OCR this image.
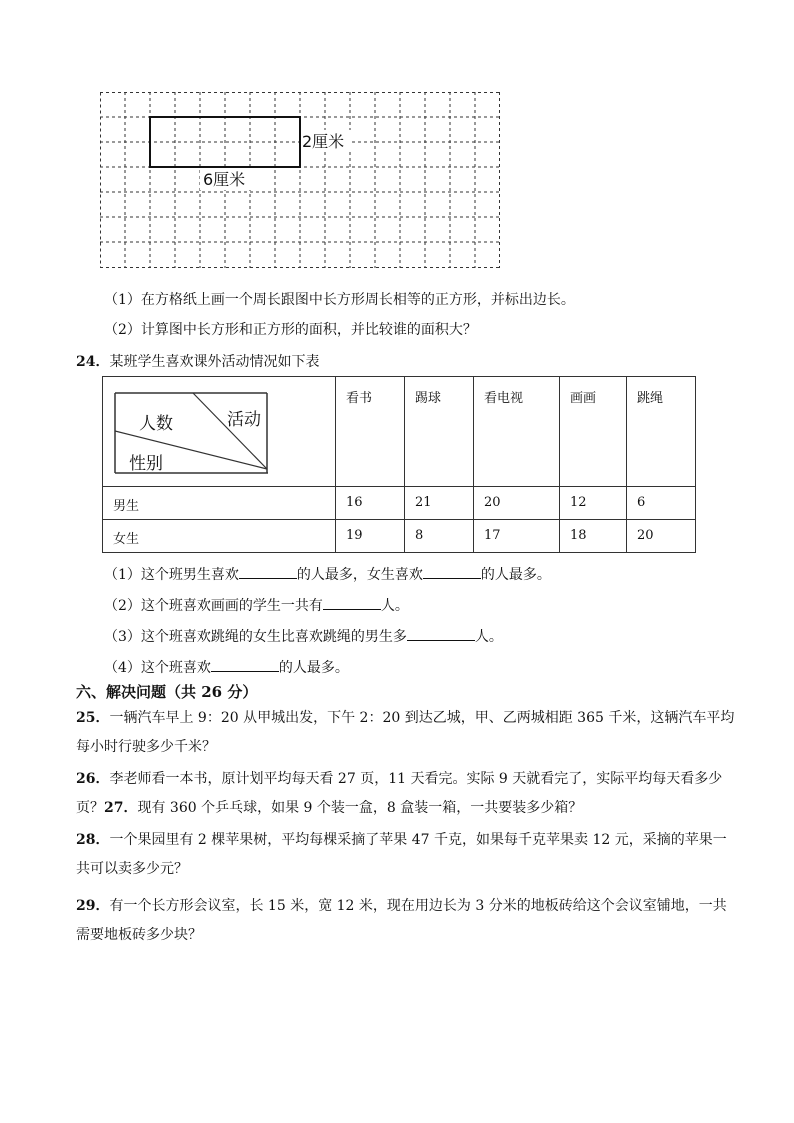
2厘米
6厘米
（1）在方格纸上画一个周长跟图中长方形周长相等的正方形，并标出边长。
（2）计算图中长方形和正方形的面积，并比较谁的面积大？
24．某班学生喜欢课外活动情况如下表
人数 活动
性别	看书	踢球	看电视	画画	跳绳
男生	16	21	20	12	6
女生	19	8	17	18	20
（1）这个班男生喜欢	的人最多，女生喜欢	的人最多。
（2）这个班喜欢画画的学生一共有	人。
（3）这个班喜欢跳绳的女生比喜欢跳绳的男生多	人。
（4）这个班喜欢	的人最多。
六、解决问题（共 26 分）
25．一辆汽车早上 9：20 从甲城出发，下午 2：20 到达乙城，甲、乙两城相距 365 千米，这辆汽车平均
每小时行驶多少千米？
26．李老师看一本书，原计划平均每天看 27 页，11 天看完。实际 9 天就看完了，实际平均每天看多少
页？27．现有 360 个乒乓球，如果 9 个装一盒，8 盒装一箱，一共要装多少箱？
28．一个果园里有 2 棵苹果树，平均每棵采摘了苹果 47 千克，如果每千克苹果卖 12 元，采摘的苹果一
共可以卖多少元？
29．有一个长方形会议室，长 15 米，宽 12 米，现在用边长为 3 分米的地板砖给这个会议室铺地，一共
需要地板砖多少块？
